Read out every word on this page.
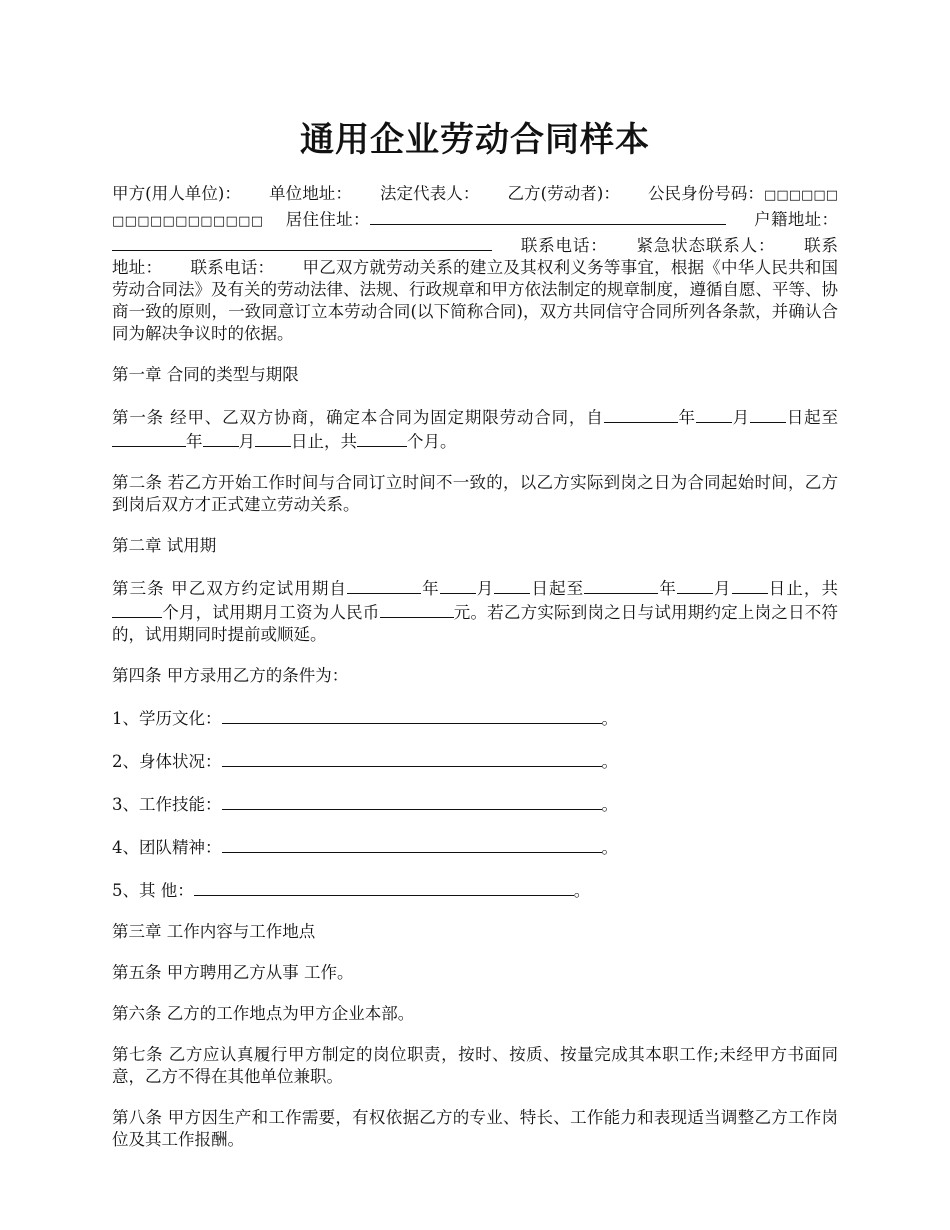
通用企业劳动合同样本

甲方(用人单位)： 单位地址： 法定代表人： 乙方(劳动者)： 公民身份号码：□□□□□□□□□□□□□□□□□□ 居住住址：	户籍地址：联系电话： 紧急状态联系人： 联系地址： 联系电话： 甲乙双方就劳动关系的建立及其权利义务等事宜，根据《中华人民共和国劳动合同法》及有关的劳动法律、法规、行政规章和甲方依法制定的规章制度，遵循自愿、平等、协商一致的原则，一致同意订立本劳动合同(以下简称合同)，双方共同信守合同所列各条款，并确认合同为解决争议时的依据。

第一章 合同的类型与期限

第一条 经甲、乙双方协商，确定本合同为固定期限劳动合同，自	年 月 日起至年 月 日止，共	个月。

第二条 若乙方开始工作时间与合同订立时间不一致的，以乙方实际到岗之日为合同起始时间，乙方到岗后双方才正式建立劳动关系。

第二章 试用期

第三条 甲乙双方约定试用期自	年 月 日起至	年 月 日止，共个月，试用期月工资为人民币	元。若乙方实际到岗之日与试用期约定上岗之日不符的，试用期同时提前或顺延。

第四条 甲方录用乙方的条件为：

1、学历文化：	。

2、身体状况：	。

3、工作技能：	。

4、团队精神：	。

5、其 他：	。

第三章 工作内容与工作地点

第五条 甲方聘用乙方从事 工作。

第六条 乙方的工作地点为甲方企业本部。

第七条 乙方应认真履行甲方制定的岗位职责，按时、按质、按量完成其本职工作;未经甲方书面同意，乙方不得在其他单位兼职。

第八条 甲方因生产和工作需要，有权依据乙方的专业、特长、工作能力和表现适当调整乙方工作岗位及其工作报酬。
